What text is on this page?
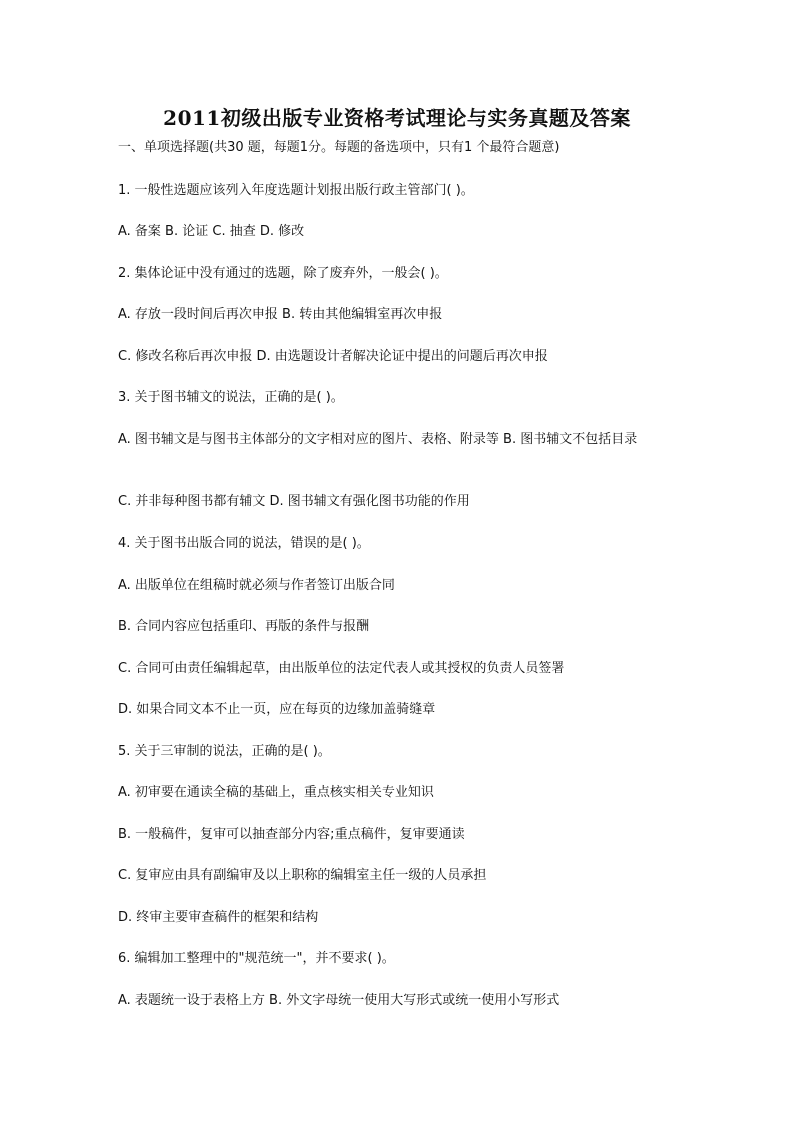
2011初级出版专业资格考试理论与实务真题及答案

一、单项选择题(共30 题，每题1分。每题的备选项中，只有1 个最符合题意)

1. 一般性选题应该列入年度选题计划报出版行政主管部门( )。

A. 备案 B. 论证 C. 抽查 D. 修改

2. 集体论证中没有通过的选题，除了废弃外，一般会( )。

A. 存放一段时间后再次申报 B. 转由其他编辑室再次申报

C. 修改名称后再次申报 D. 由选题设计者解决论证中提出的问题后再次申报

3. 关于图书辅文的说法，正确的是( )。

A. 图书辅文是与图书主体部分的文字相对应的图片、表格、附录等 B. 图书辅文不包括目录

C. 并非每种图书都有辅文 D. 图书辅文有强化图书功能的作用

4. 关于图书出版合同的说法，错误的是( )。

A. 出版单位在组稿时就必须与作者签订出版合同

B. 合同内容应包括重印、再版的条件与报酬

C. 合同可由责任编辑起草，由出版单位的法定代表人或其授权的负责人员签署

D. 如果合同文本不止一页，应在每页的边缘加盖骑缝章

5. 关于三审制的说法，正确的是( )。

A. 初审要在通读全稿的基础上，重点核实相关专业知识

B. 一般稿件，复审可以抽查部分内容;重点稿件，复审要通读

C. 复审应由具有副编审及以上职称的编辑室主任一级的人员承担

D. 终审主要审查稿件的框架和结构

6. 编辑加工整理中的"规范统一"，并不要求( )。

A. 表题统一设于表格上方 B. 外文字母统一使用大写形式或统一使用小写形式
